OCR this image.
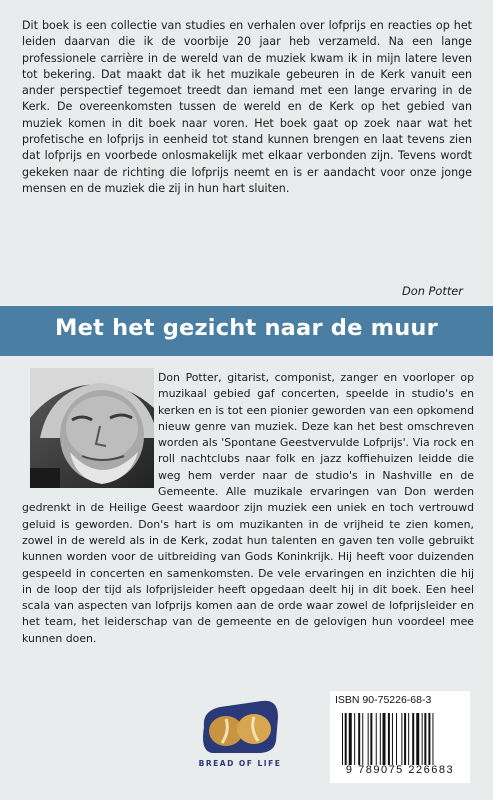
Dit boek is een collectie van studies en verhalen over lofprijs en reacties op het leiden daarvan die ik de voorbije 20 jaar heb verzameld. Na een lange professionele carrière in de wereld van de muziek kwam ik in mijn latere leven tot bekering. Dat maakt dat ik het muzikale gebeuren in de Kerk vanuit een ander perspectief tegemoet treedt dan iemand met een lange ervaring in de Kerk. De overeenkomsten tussen de wereld en de Kerk op het gebied van muziek komen in dit boek naar voren. Het boek gaat op zoek naar wat het profetische en lofprijs in eenheid tot stand kunnen brengen en laat tevens zien dat lofprijs en voorbede onlosmakelijk met elkaar verbonden zijn. Tevens wordt gekeken naar de richting die lofprijs neemt en is er aandacht voor onze jonge mensen en de muziek die zij in hun hart sluiten.

Don Potter
Met het gezicht naar de muur
Don Potter, gitarist, componist, zanger en voorloper op muzikaal gebied gaf concerten, speelde in studio's en kerken en is tot een pionier geworden van een opkomend nieuw genre van muziek. Deze kan het best omschreven worden als 'Spontane Geestvervulde Lofprijs'. Via rock en roll nachtclubs naar folk en jazz koffiehuizen leidde die weg hem verder naar de studio's in Nashville en de Gemeente. Alle muzikale ervaringen van Don werden gedrenkt in de Heilige Geest waardoor zijn muziek een uniek en toch vertrouwd geluid is geworden. Don's hart is om muzikanten in de vrijheid te zien komen, zowel in de wereld als in de Kerk, zodat hun talenten en gaven ten volle gebruikt kunnen worden voor de uitbreiding van Gods Koninkrijk. Hij heeft voor duizenden gespeeld in concerten en samenkomsten. De vele ervaringen en inzichten die hij in de loop der tijd als lofprijsleider heeft opgedaan deelt hij in dit boek. Een heel scala van aspecten van lofprijs komen aan de orde waar zowel de lofprijsleider en het team, het leiderschap van de gemeente en de gelovigen hun voordeel mee kunnen doen.
BREAD OF LIFE
ISBN 90-75226-68-3
9 789075 226683
